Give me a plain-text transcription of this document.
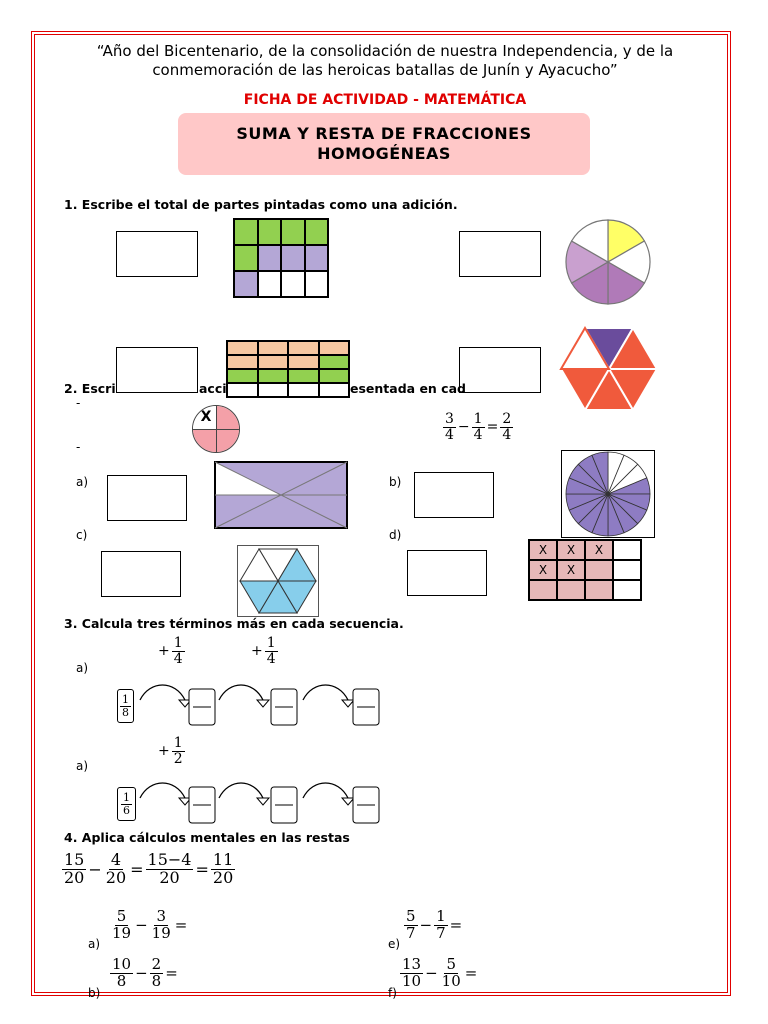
“Año del Bicentenario, de la consolidación de nuestra Independencia, y de la
conmemoración de las heroicas batallas de Junín y Ayacucho”
FICHA DE ACTIVIDAD - MATEMÁTICA
SUMA Y RESTA DE FRACCIONES
HOMOGÉNEAS
1. Escribe el total de partes pintadas como una adición.
2. Escri	acci	esentada en cad
-
-
X	$\frac{3}{4} - \frac{1}{4} = \frac{2}{4}$
a)	b)
c)	d)
X	X	X
X	X
3. Calcula tres términos más en cada secuencia.
a)
+ $\frac{1}{4}$	+ $\frac{1}{4}$
$\frac{1}{8}$
a)
+ $\frac{1}{2}$
$\frac{1}{6}$
4. Aplica cálculos mentales en las restas
$\frac{15}{20} - \frac{4}{20} = \frac{15-4}{20} = \frac{11}{20}$
a)
$\frac{5}{19} - \frac{3}{19}$ =
e)
$\frac{5}{7} - \frac{1}{7}$ =
b)
$\frac{10}{8} - \frac{2}{8}$ =
f)
$\frac{13}{10} - \frac{5}{10}$ =
